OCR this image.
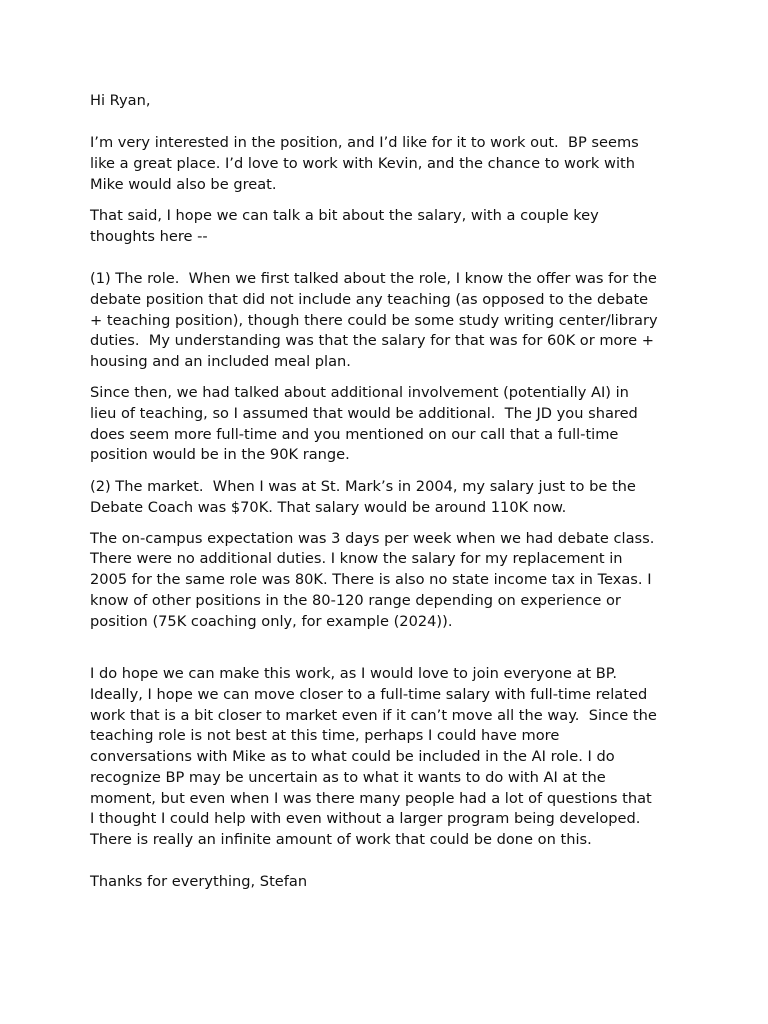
Hi Ryan,

I’m very interested in the position, and I’d like for it to work out.  BP seems

like a great place. I’d love to work with Kevin, and the chance to work with

Mike would also be great.

That said, I hope we can talk a bit about the salary, with a couple key

thoughts here --

(1) The role.  When we first talked about the role, I know the offer was for the

debate position that did not include any teaching (as opposed to the debate

+ teaching position), though there could be some study writing center/library

duties.  My understanding was that the salary for that was for 60K or more +

housing and an included meal plan.

Since then, we had talked about additional involvement (potentially AI) in

lieu of teaching, so I assumed that would be additional.  The JD you shared

does seem more full-time and you mentioned on our call that a full-time

position would be in the 90K range.

(2) The market.  When I was at St. Mark’s in 2004, my salary just to be the

Debate Coach was $70K. That salary would be around 110K now.

The on-campus expectation was 3 days per week when we had debate class.

There were no additional duties. I know the salary for my replacement in

2005 for the same role was 80K. There is also no state income tax in Texas. I

know of other positions in the 80-120 range depending on experience or

position (75K coaching only, for example (2024)).

I do hope we can make this work, as I would love to join everyone at BP.

Ideally, I hope we can move closer to a full-time salary with full-time related

work that is a bit closer to market even if it can’t move all the way.  Since the

teaching role is not best at this time, perhaps I could have more

conversations with Mike as to what could be included in the AI role. I do

recognize BP may be uncertain as to what it wants to do with AI at the

moment, but even when I was there many people had a lot of questions that

I thought I could help with even without a larger program being developed.

There is really an infinite amount of work that could be done on this.

Thanks for everything, Stefan
